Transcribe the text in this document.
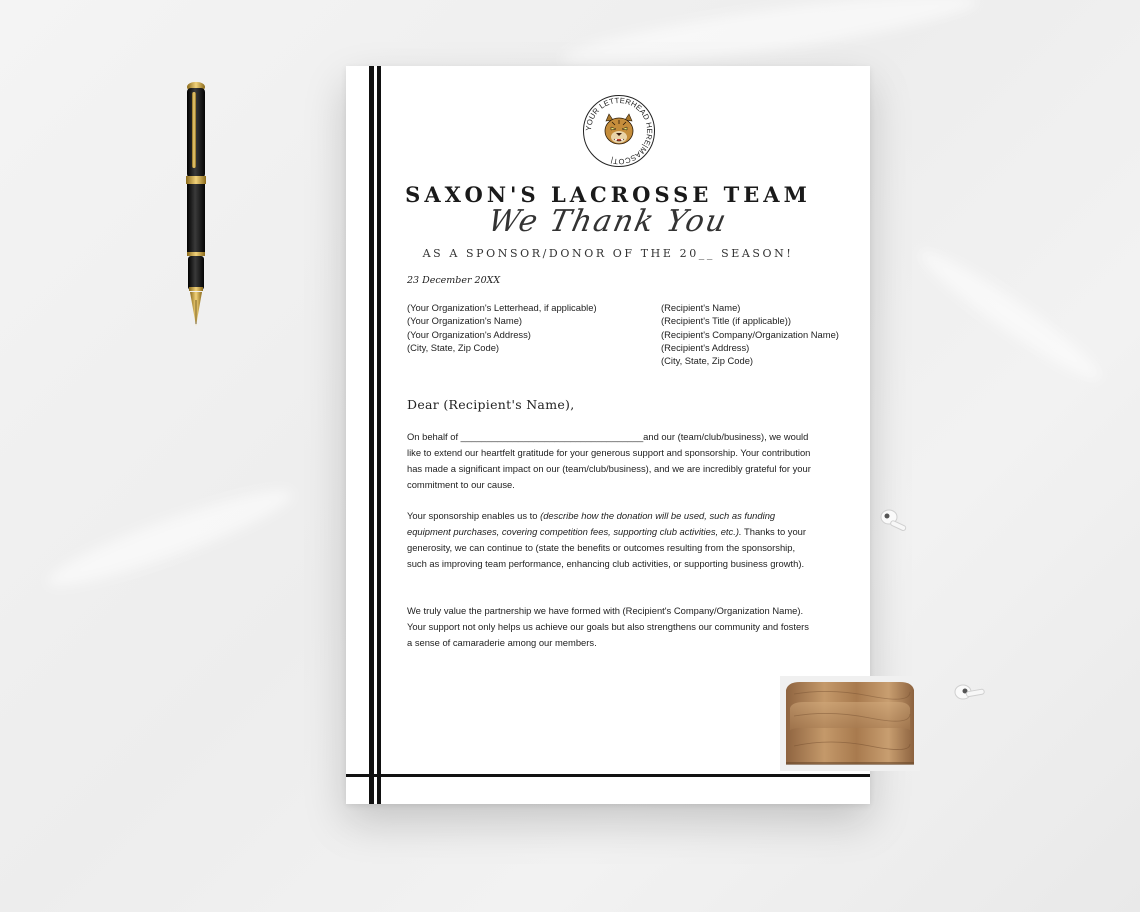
YOUR LETTERHEAD HERE|MASCOT|
SAXON'S LACROSSE TEAM
We Thank You
AS A SPONSOR/DONOR OF THE 20__ SEASON!
23 December 20XX
(Your Organization's Letterhead, if applicable)
(Your Organization's Name)
(Your Organization's Address)
(City, State, Zip Code)
(Recipient's Name)
(Recipient's Title (if applicable))
(Recipient's Company/Organization Name)
(Recipient's Address)
(City, State, Zip Code)
Dear (Recipient's Name),

On behalf of ___________________________________and our (team/club/business), we would like to extend our heartfelt gratitude for your generous support and sponsorship. Your contribution has made a significant impact on our (team/club/business), and we are incredibly grateful for your commitment to our cause.

Your sponsorship enables us to (describe how the donation will be used, such as funding equipment purchases, covering competition fees, supporting club activities, etc.). Thanks to your generosity, we can continue to (state the benefits or outcomes resulting from the sponsorship, such as improving team performance, enhancing club activities, or supporting business growth).

We truly value the partnership we have formed with (Recipient's Company/Organization Name). Your support not only helps us achieve our goals but also strengthens our community and fosters a sense of camaraderie among our members.
